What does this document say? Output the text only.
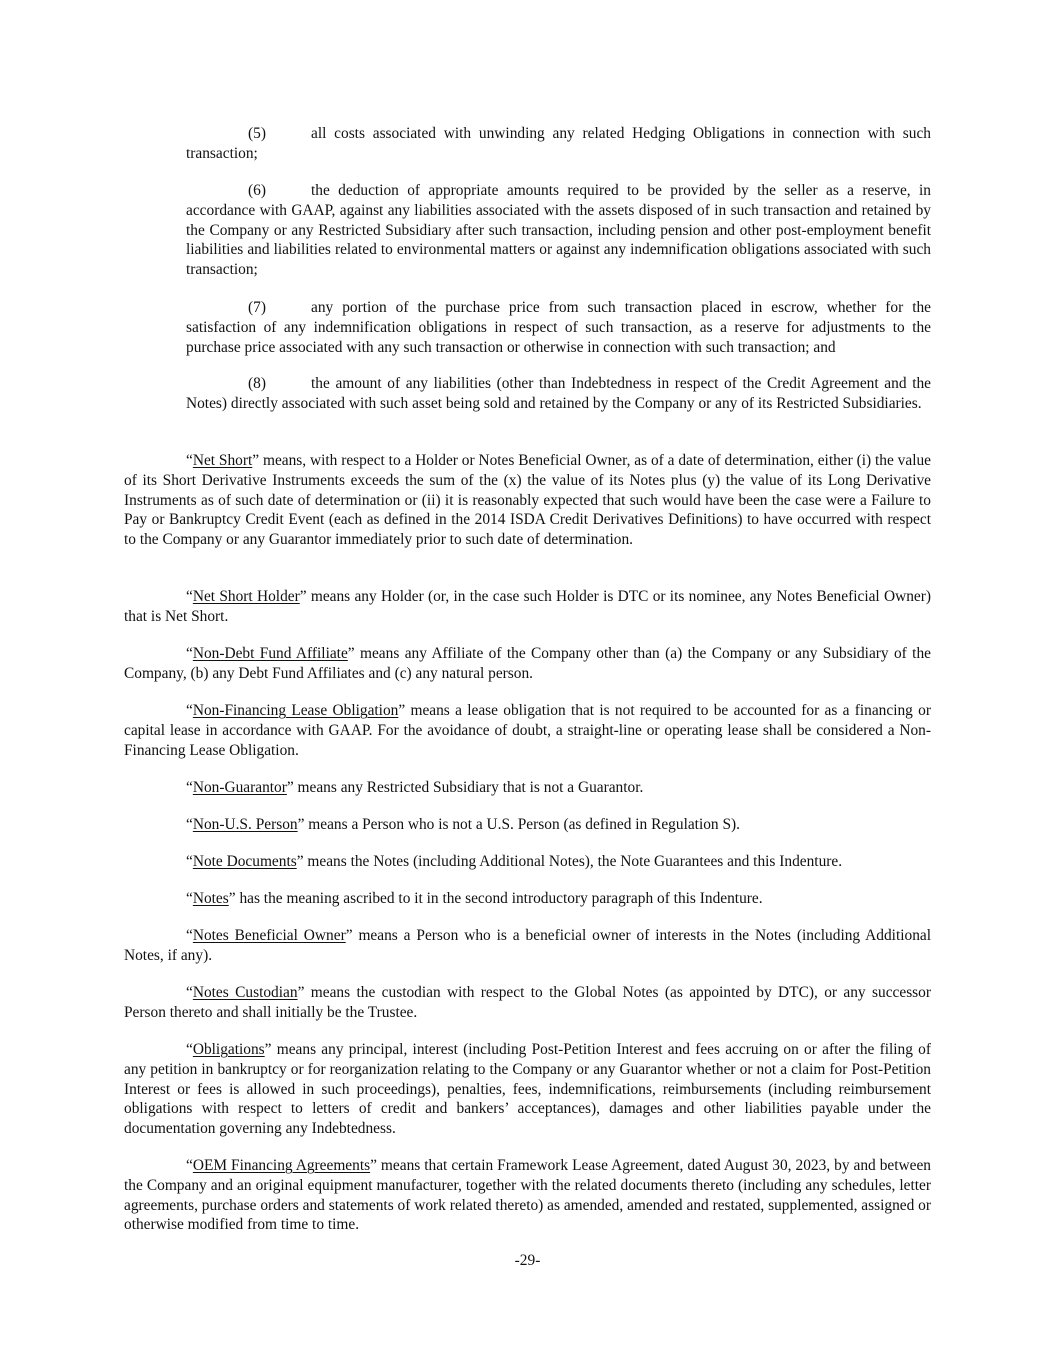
(5)	all costs associated with unwinding any related Hedging Obligations in connection with such transaction;

(6)	the deduction of appropriate amounts required to be provided by the seller as a reserve, in accordance with GAAP, against any liabilities associated with the assets disposed of in such transaction and retained by the Company or any Restricted Subsidiary after such transaction, including pension and other post-employment benefit liabilities and liabilities related to environmental matters or against any indemnification obligations associated with such transaction;

(7)	any portion of the purchase price from such transaction placed in escrow, whether for the satisfaction of any indemnification obligations in respect of such transaction, as a reserve for adjustments to the purchase price associated with any such transaction or otherwise in connection with such transaction; and

(8)	the amount of any liabilities (other than Indebtedness in respect of the Credit Agreement and the Notes) directly associated with such asset being sold and retained by the Company or any of its Restricted Subsidiaries.

“Net Short” means, with respect to a Holder or Notes Beneficial Owner, as of a date of determination, either (i) the value of its Short Derivative Instruments exceeds the sum of the (x) the value of its Notes plus (y) the value of its Long Derivative Instruments as of such date of determination or (ii) it is reasonably expected that such would have been the case were a Failure to Pay or Bankruptcy Credit Event (each as defined in the 2014 ISDA Credit Derivatives Definitions) to have occurred with respect to the Company or any Guarantor immediately prior to such date of determination.

“Net Short Holder” means any Holder (or, in the case such Holder is DTC or its nominee, any Notes Beneficial Owner) that is Net Short.

“Non-Debt Fund Affiliate” means any Affiliate of the Company other than (a) the Company or any Subsidiary of the Company, (b) any Debt Fund Affiliates and (c) any natural person.

“Non-Financing Lease Obligation” means a lease obligation that is not required to be accounted for as a financing or capital lease in accordance with GAAP. For the avoidance of doubt, a straight-line or operating lease shall be considered a Non-Financing Lease Obligation.

“Non-Guarantor” means any Restricted Subsidiary that is not a Guarantor.

“Non-U.S. Person” means a Person who is not a U.S. Person (as defined in Regulation S).

“Note Documents” means the Notes (including Additional Notes), the Note Guarantees and this Indenture.

“Notes” has the meaning ascribed to it in the second introductory paragraph of this Indenture.

“Notes Beneficial Owner” means a Person who is a beneficial owner of interests in the Notes (including Additional Notes, if any).

“Notes Custodian” means the custodian with respect to the Global Notes (as appointed by DTC), or any successor Person thereto and shall initially be the Trustee.

“Obligations” means any principal, interest (including Post-Petition Interest and fees accruing on or after the filing of any petition in bankruptcy or for reorganization relating to the Company or any Guarantor whether or not a claim for Post-Petition Interest or fees is allowed in such proceedings), penalties, fees, indemnifications, reimbursements (including reimbursement obligations with respect to letters of credit and bankers’ acceptances), damages and other liabilities payable under the documentation governing any Indebtedness.

“OEM Financing Agreements” means that certain Framework Lease Agreement, dated August 30, 2023, by and between the Company and an original equipment manufacturer, together with the related documents thereto (including any schedules, letter agreements, purchase orders and statements of work related thereto) as amended, amended and restated, supplemented, assigned or otherwise modified from time to time.

-29-
